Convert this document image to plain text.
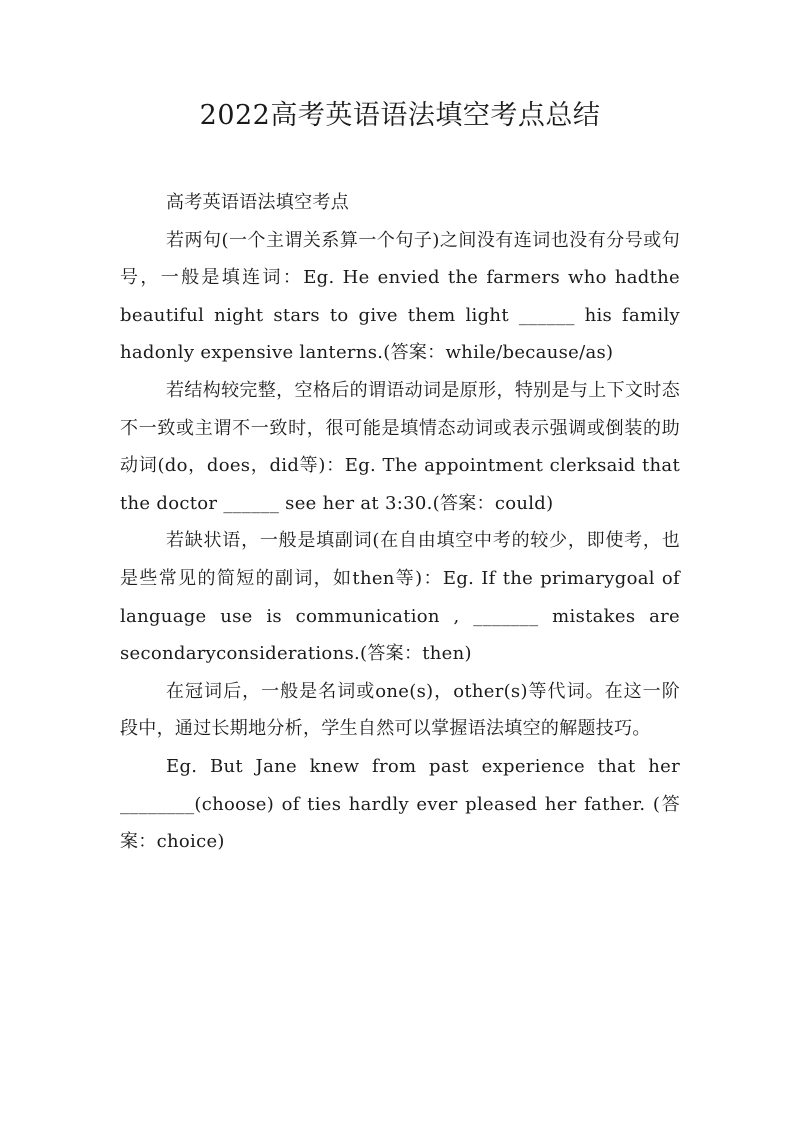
2022高考英语语法填空考点总结

高考英语语法填空考点

若两句(一个主谓关系算一个句子)之间没有连词也没有分号或句号，一般是填连词：Eg. He envied the farmers who hadthe beautiful night stars to give them light ______ his family hadonly expensive lanterns.(答案：while/because/as)

若结构较完整，空格后的谓语动词是原形，特别是与上下文时态不一致或主谓不一致时，很可能是填情态动词或表示强调或倒装的助动词(do，does，did等)：Eg. The appointment clerksaid that the doctor ______ see her at 3:30.(答案：could)

若缺状语，一般是填副词(在自由填空中考的较少，即使考，也是些常见的简短的副词，如then等)：Eg. If the primarygoal of language use is communication , _______ mistakes are secondaryconsiderations.(答案：then)

在冠词后，一般是名词或one(s)，other(s)等代词。在这一阶段中，通过长期地分析，学生自然可以掌握语法填空的解题技巧。

Eg. But Jane knew from past experience that her ________(choose) of ties hardly ever pleased her father. (答案：choice)
